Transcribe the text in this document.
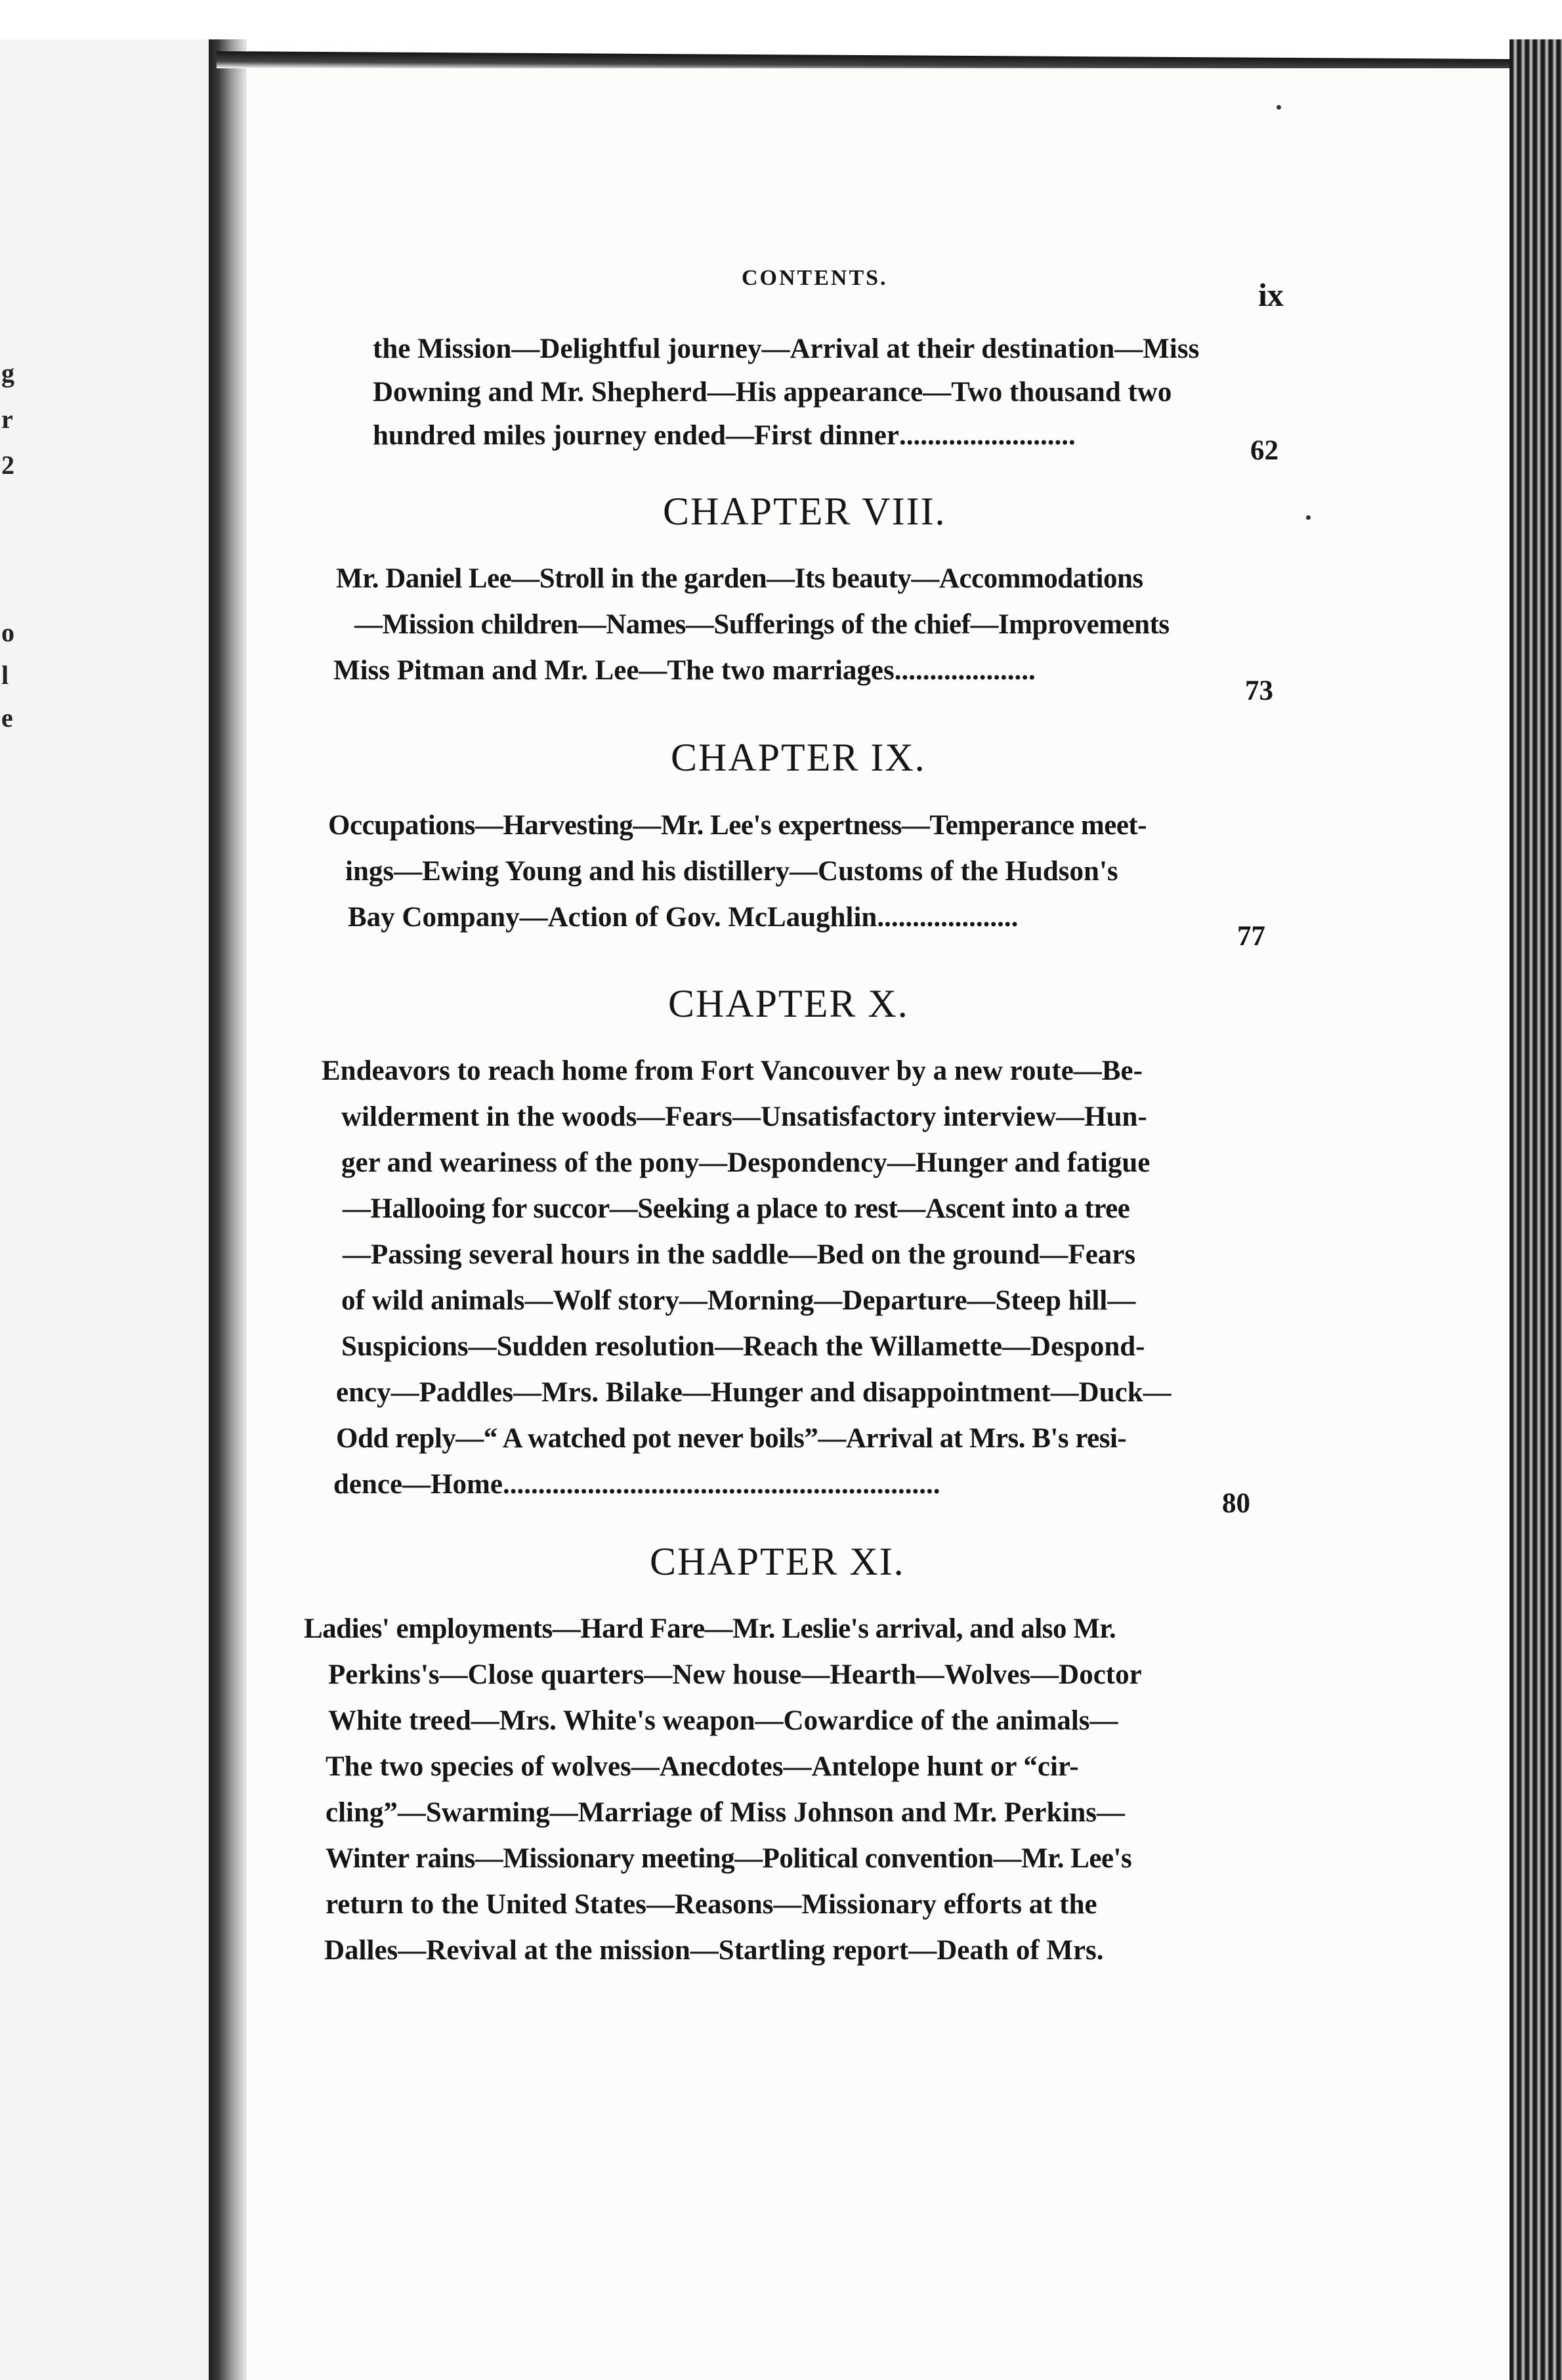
g
r
2
o
l
e
CONTENTS.	ix
the Mission—Delightful journey—Arrival at their destination—Miss
Downing and Mr. Shepherd—His appearance—Two thousand two
hundred miles journey ended—First dinner.........................	62
CHAPTER VIII.
Mr. Daniel Lee—Stroll in the garden—Its beauty—Accommodations
—Mission children—Names—Sufferings of the chief—Improvements
Miss Pitman and Mr. Lee—The two marriages....................
73
CHAPTER IX.
Occupations—Harvesting—Mr. Lee's expertness—Temperance meet-
ings—Ewing Young and his distillery—Customs of the Hudson's
Bay Company—Action of Gov. McLaughlin....................
77
CHAPTER X.
Endeavors to reach home from Fort Vancouver by a new route—Be-
wilderment in the woods—Fears—Unsatisfactory interview—Hun-
ger and weariness of the pony—Despondency—Hunger and fatigue
—Hallooing for succor—Seeking a place to rest—Ascent into a tree
—Passing several hours in the saddle—Bed on the ground—Fears
of wild animals—Wolf story—Morning—Departure—Steep hill—
Suspicions—Sudden resolution—Reach the Willamette—Despond-
ency—Paddles—Mrs. Bilake—Hunger and disappointment—Duck—
Odd reply—“ A watched pot never boils”—Arrival at Mrs. B's resi-
dence—Home..............................................................
80
CHAPTER XI.
Ladies' employments—Hard Fare—Mr. Leslie's arrival, and also Mr.
Perkins's—Close quarters—New house—Hearth—Wolves—Doctor
White treed—Mrs. White's weapon—Cowardice of the animals—
The two species of wolves—Anecdotes—Antelope hunt or “cir-
cling”—Swarming—Marriage of Miss Johnson and Mr. Perkins—
Winter rains—Missionary meeting—Political convention—Mr. Lee's
return to the United States—Reasons—Missionary efforts at the
Dalles—Revival at the mission—Startling report—Death of Mrs.
